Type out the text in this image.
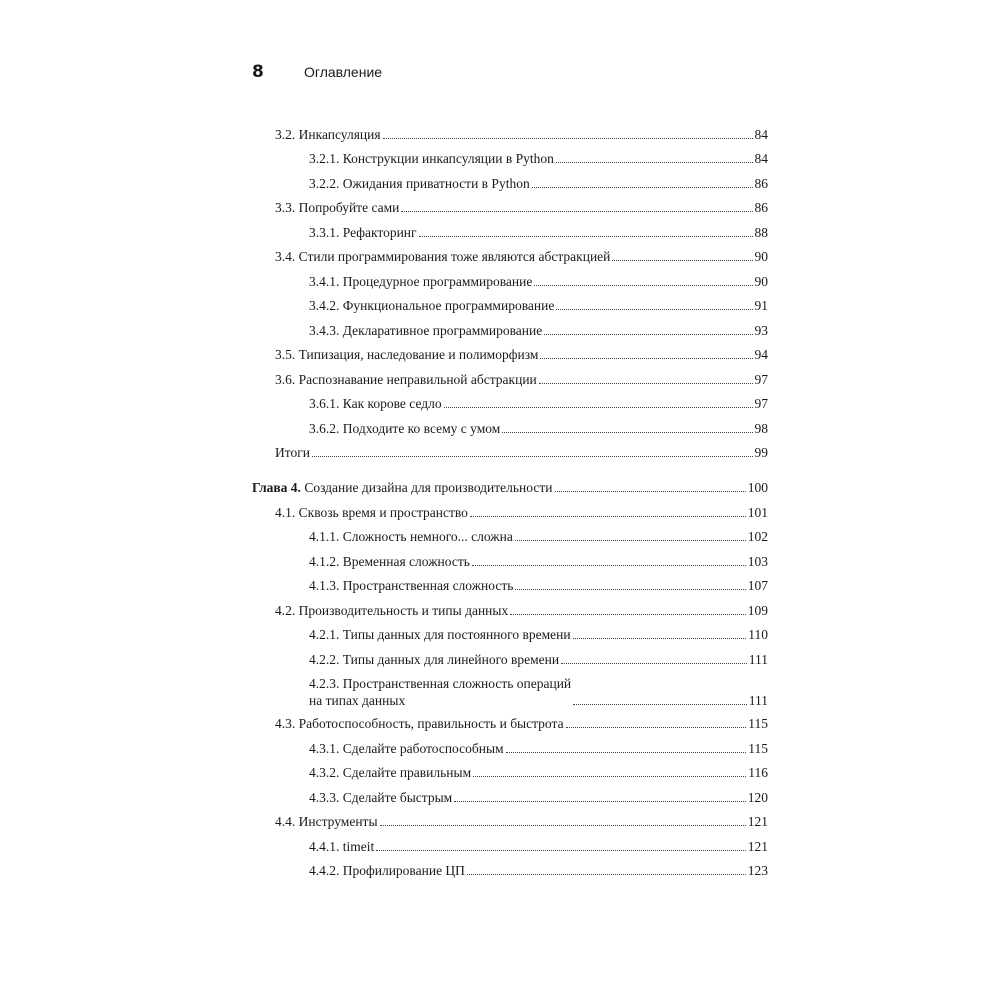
8	Оглавление
3.2. Инкапсуляция	84
3.2.1. Конструкции инкапсуляции в Python	84
3.2.2. Ожидания приватности в Python	86
3.3. Попробуйте сами	86
3.3.1. Рефакторинг	88
3.4. Стили программирования тоже являются абстракцией	90
3.4.1. Процедурное программирование	90
3.4.2. Функциональное программирование	91
3.4.3. Декларативное программирование	93
3.5. Типизация, наследование и полиморфизм	94
3.6. Распознавание неправильной абстракции	97
3.6.1. Как корове седло	97
3.6.2. Подходите ко всему с умом	98
Итоги	99
Глава 4. Создание дизайна для производительности	100
4.1. Сквозь время и пространство	101
4.1.1. Сложность немного... сложна	102
4.1.2. Временная сложность	103
4.1.3. Пространственная сложность	107
4.2. Производительность и типы данных	109
4.2.1. Типы данных для постоянного времени	110
4.2.2. Типы данных для линейного времени	111
4.2.3. Пространственная сложность операций
на типах данных	111
4.3. Работоспособность, правильность и быстрота	115
4.3.1. Сделайте работоспособным	115
4.3.2. Сделайте правильным	116
4.3.3. Сделайте быстрым	120
4.4. Инструменты	121
4.4.1. timeit	121
4.4.2. Профилирование ЦП	123
